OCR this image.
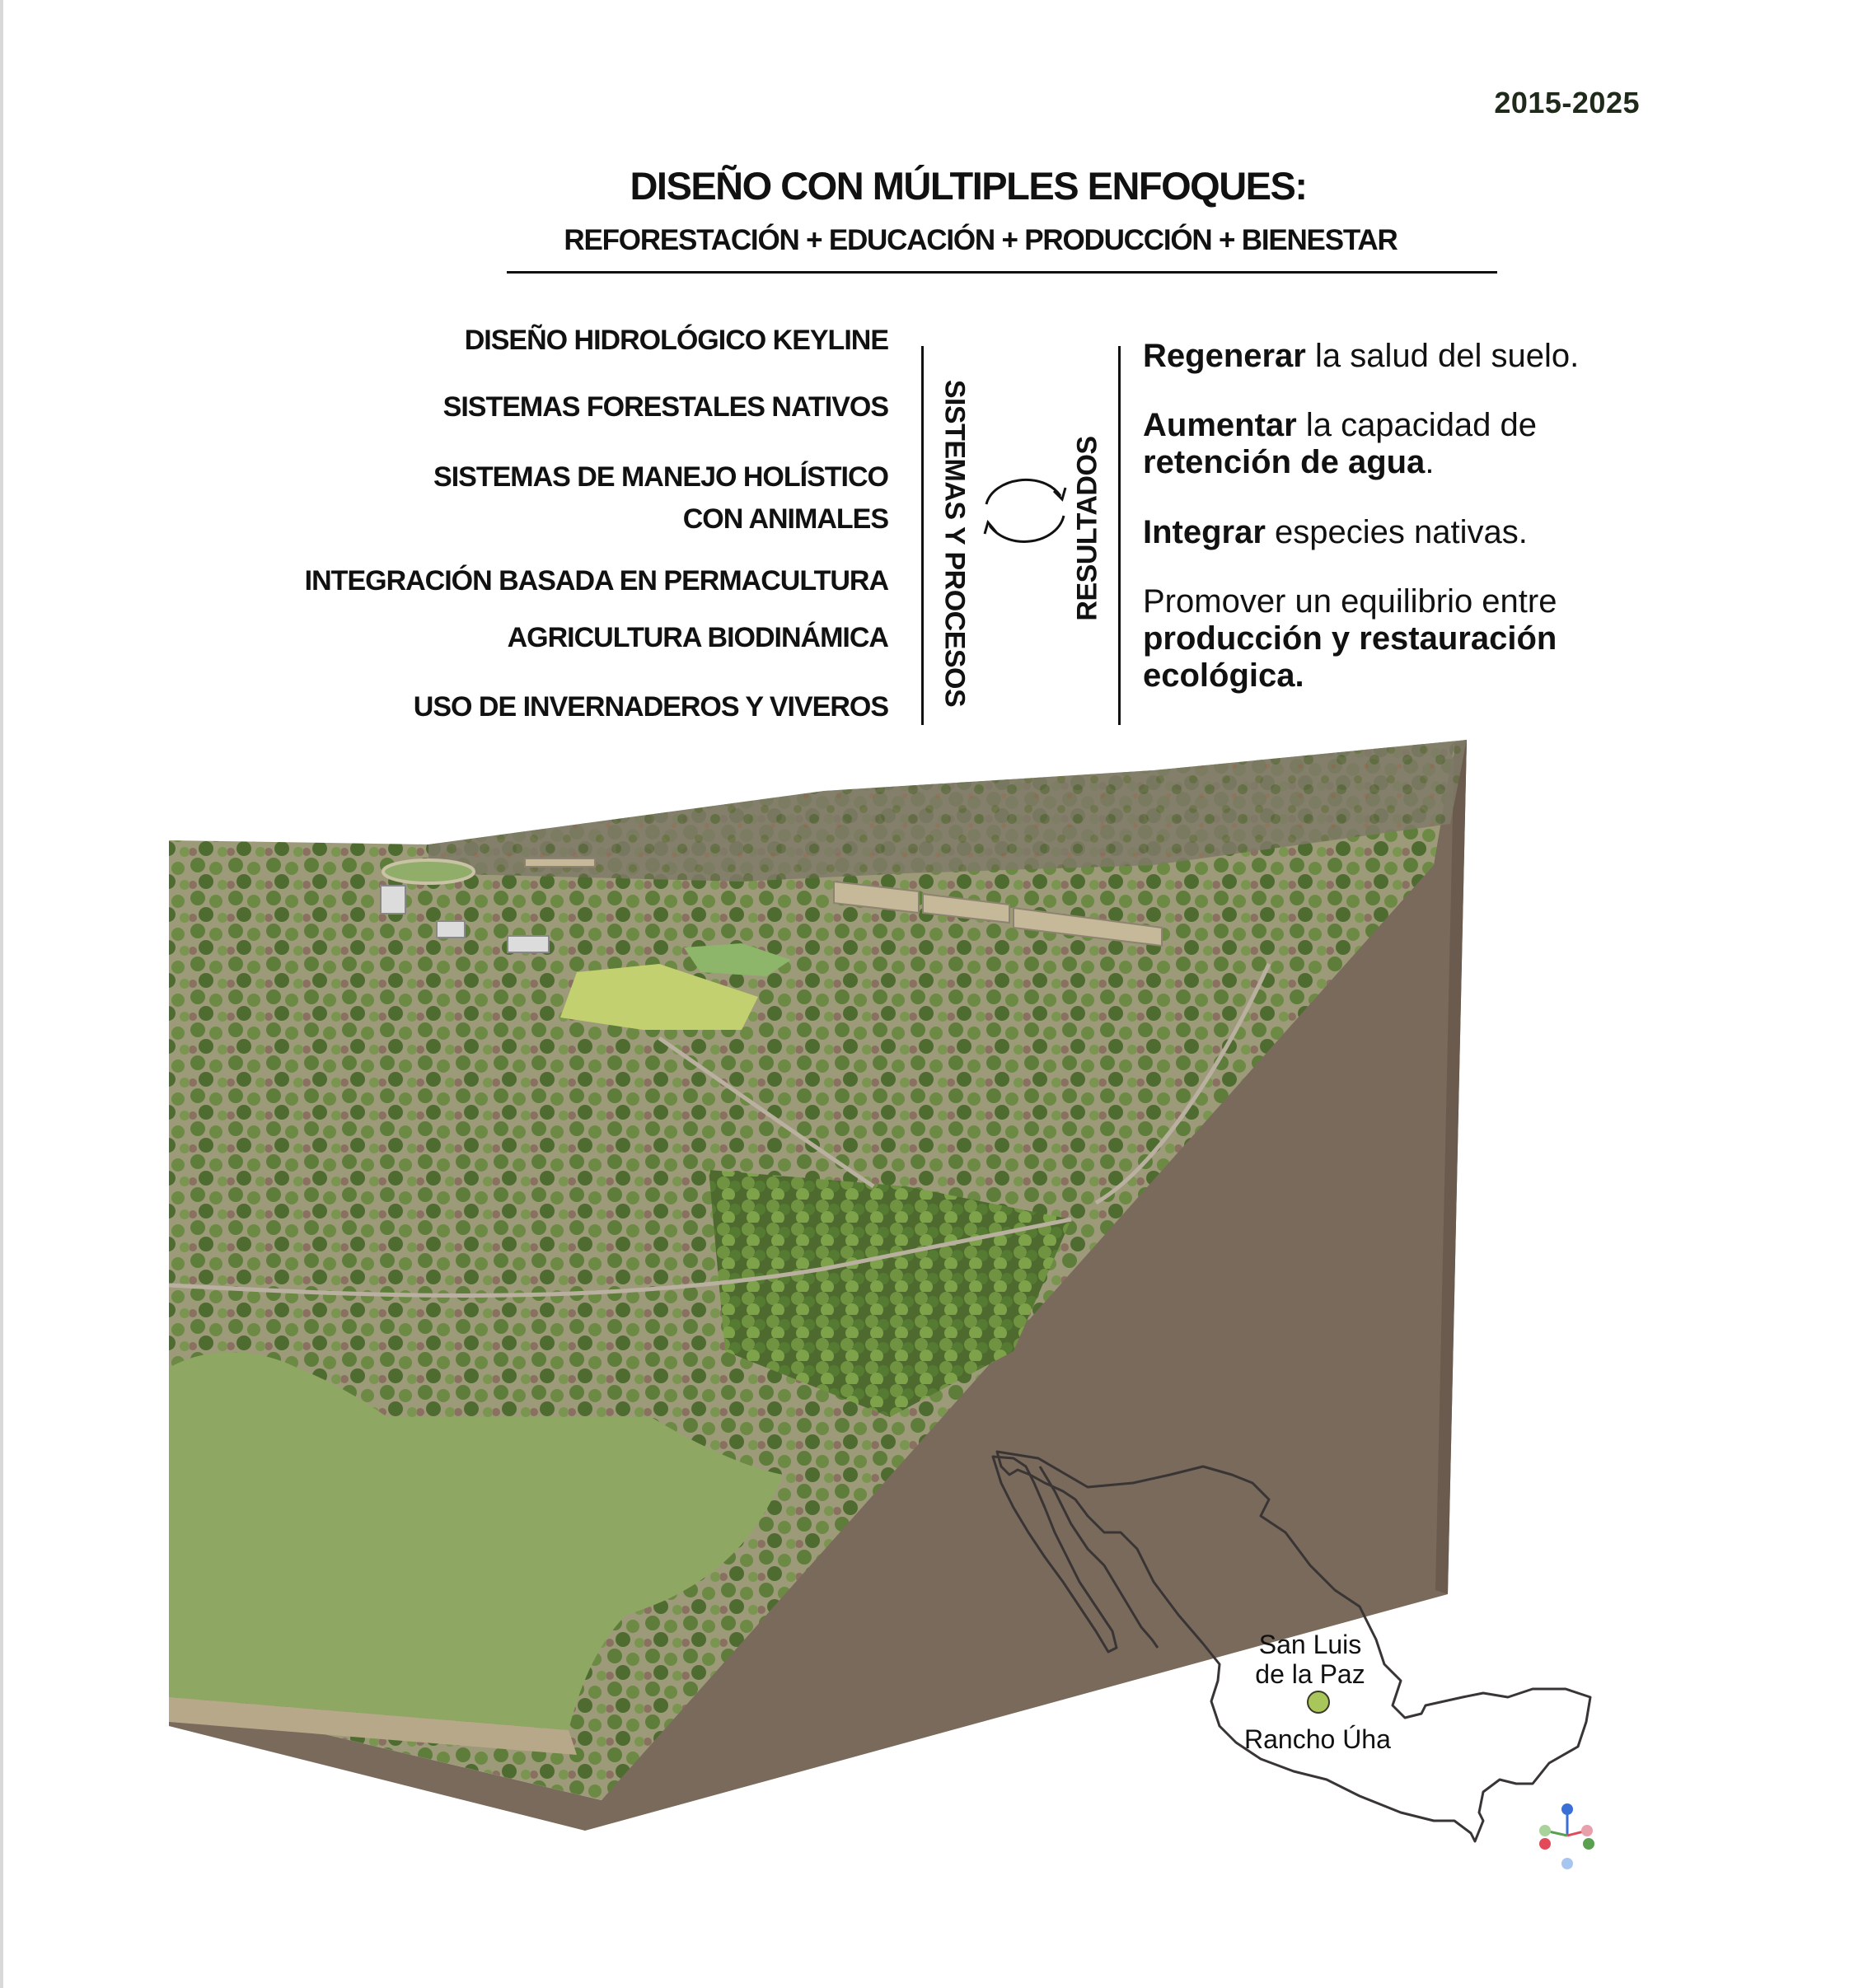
2015-2025
DISEÑO CON MÚLTIPLES ENFOQUES:
REFORESTACIÓN + EDUCACIÓN + PRODUCCIÓN + BIENESTAR
DISEÑO HIDROLÓGICO KEYLINE
SISTEMAS FORESTALES NATIVOS
SISTEMAS DE MANEJO HOLÍSTICO
CON ANIMALES
INTEGRACIÓN BASADA EN PERMACULTURA
AGRICULTURA BIODINÁMICA
USO DE INVERNADEROS Y VIVEROS SISTEMAS Y PROCESOS	RESULTADOS
Regenerar la salud del suelo.
Aumentar la capacidad de retención de agua.
Integrar especies nativas.
Promover un equilibrio entre producción y restauración ecológica.
San Luis
de la Paz
Rancho Úha
